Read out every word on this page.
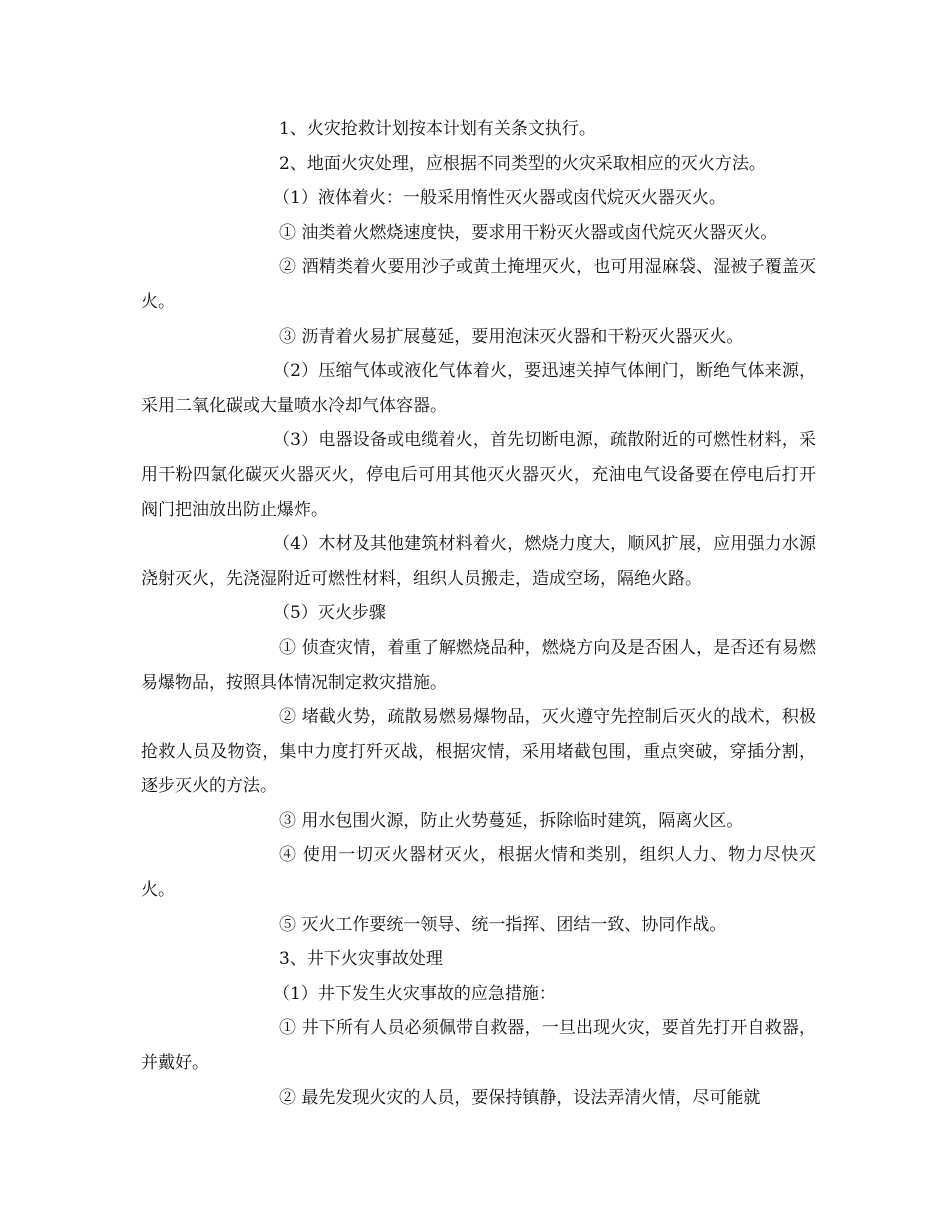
1、火灾抢救计划按本计划有关条文执行。

2、地面火灾处理，应根据不同类型的火灾采取相应的灭火方法。

（1）液体着火：一般采用惰性灭火器或卤代烷灭火器灭火。

① 油类着火燃烧速度快，要求用干粉灭火器或卤代烷灭火器灭火。

② 酒精类着火要用沙子或黄土掩埋灭火，也可用湿麻袋、湿被子覆盖灭火。

③ 沥青着火易扩展蔓延，要用泡沫灭火器和干粉灭火器灭火。

（2）压缩气体或液化气体着火，要迅速关掉气体闸门，断绝气体来源，采用二氧化碳或大量喷水冷却气体容器。

（3）电器设备或电缆着火，首先切断电源，疏散附近的可燃性材料，采用干粉四氯化碳灭火器灭火，停电后可用其他灭火器灭火，充油电气设备要在停电后打开阀门把油放出防止爆炸。

（4）木材及其他建筑材料着火，燃烧力度大，顺风扩展，应用强力水源浇射灭火，先浇湿附近可燃性材料，组织人员搬走，造成空场，隔绝火路。

（5）灭火步骤

① 侦查灾情，着重了解燃烧品种，燃烧方向及是否困人，是否还有易燃易爆物品，按照具体情况制定救灾措施。

② 堵截火势，疏散易燃易爆物品，灭火遵守先控制后灭火的战术，积极抢救人员及物资，集中力度打歼灭战，根据灾情，采用堵截包围，重点突破，穿插分割，逐步灭火的方法。

③ 用水包围火源，防止火势蔓延，拆除临时建筑，隔离火区。

④ 使用一切灭火器材灭火，根据火情和类别，组织人力、物力尽快灭火。

⑤ 灭火工作要统一领导、统一指挥、团结一致、协同作战。

3、井下火灾事故处理

（1）井下发生火灾事故的应急措施：

① 井下所有人员必须佩带自救器，一旦出现火灾，要首先打开自救器，并戴好。

② 最先发现火灾的人员，要保持镇静，设法弄清火情，尽可能就
